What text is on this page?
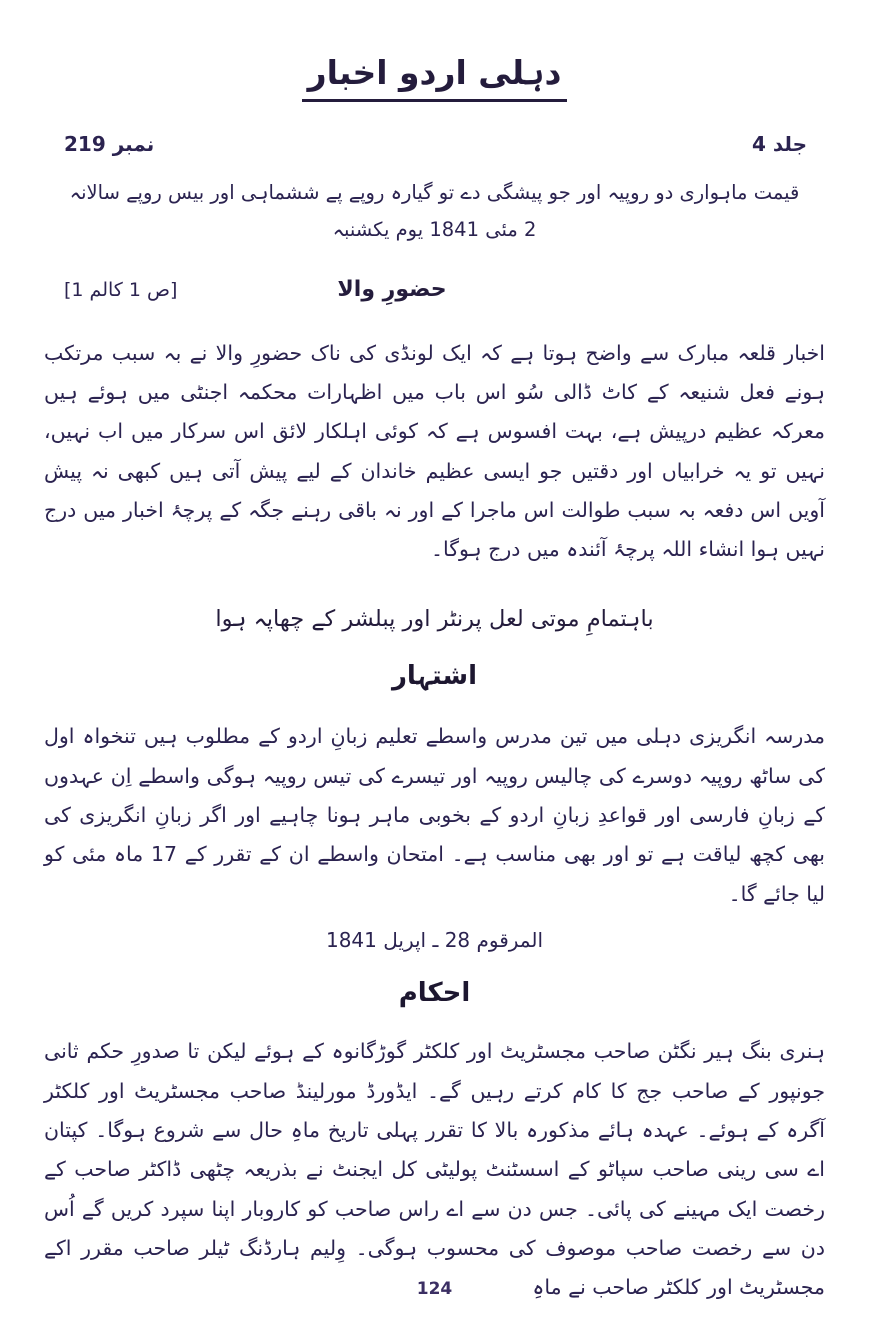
دہلی اردو اخبار
نمبر 219	جلد 4
قیمت ماہواری دو روپیہ اور جو پیشگی دے تو گیارہ روپے پے ششماہی اور بیس روپے سالانہ
2 مئی 1841 یوم یکشنبہ
[ص 1 کالم 1]	حضورِ والا

اخبار قلعہ مبارک سے واضح ہوتا ہے کہ ایک لونڈی کی ناک حضورِ والا نے بہ سبب مرتکب ہونے فعل شنیعہ کے کاٹ ڈالی سُو اس باب میں اظہارات محکمہ اجنٹی میں ہوئے ہیں معرکہ عظیم درپیش ہے، بہت افسوس ہے کہ کوئی اہلکار لائق اس سرکار میں اب نہیں، نہیں تو یہ خرابیاں اور دقتیں جو ایسی عظیم خاندان کے لیے پیش آتی ہیں کبھی نہ پیش آویں اس دفعہ بہ سبب طوالت اس ماجرا کے اور نہ باقی رہنے جگہ کے پرچۂ اخبار میں درج نہیں ہوا انشاء اللہ پرچۂ آئندہ میں درج ہوگا۔

باہتمامِ موتی لعل پرنٹر اور پبلشر کے چھاپہ ہوا
اشتہار

مدرسہ انگریزی دہلی میں تین مدرس واسطے تعلیم زبانِ اردو کے مطلوب ہیں تنخواہ اول کی ساٹھ روپیہ دوسرے کی چالیس روپیہ اور تیسرے کی تیس روپیہ ہوگی واسطے اِن عہدوں کے زبانِ فارسی اور قواعدِ زبانِ اردو کے بخوبی ماہر ہونا چاہیے اور اگر زبانِ انگریزی کی بھی کچھ لیاقت ہے تو اور بھی مناسب ہے۔ امتحان واسطے ان کے تقرر کے 17 ماہ مئی کو لیا جائے گا۔

المرقوم 28 ـ اپریل 1841
احکام

ہنری بنگ ہیر نگٹن صاحب مجسٹریٹ اور کلکٹر گوڑگانوہ کے ہوئے لیکن تا صدورِ حکم ثانی جونپور کے صاحب جج کا کام کرتے رہیں گے۔ ایڈورڈ مورلینڈ صاحب مجسٹریٹ اور کلکٹر آگرہ کے ہوئے۔ عہدہ ہائے مذکورہ بالا کا تقرر پہلی تاریخ ماہِ حال سے شروع ہوگا۔ کپتان اے سی رینی صاحب سپاٹو کے اسسٹنٹ پولیٹی کل ایجنٹ نے بذریعہ چٹھی ڈاکٹر صاحب کے رخصت ایک مہینے کی پائی۔ جس دن سے اے راس صاحب کو کاروبار اپنا سپرد کریں گے اُس دن سے رخصت صاحب موصوف کی محسوب ہوگی۔ وِلیم ہارڈنگ ٹیلر صاحب مقرر اکے مجسٹریٹ اور کلکٹر صاحب نے ماہِ

124
